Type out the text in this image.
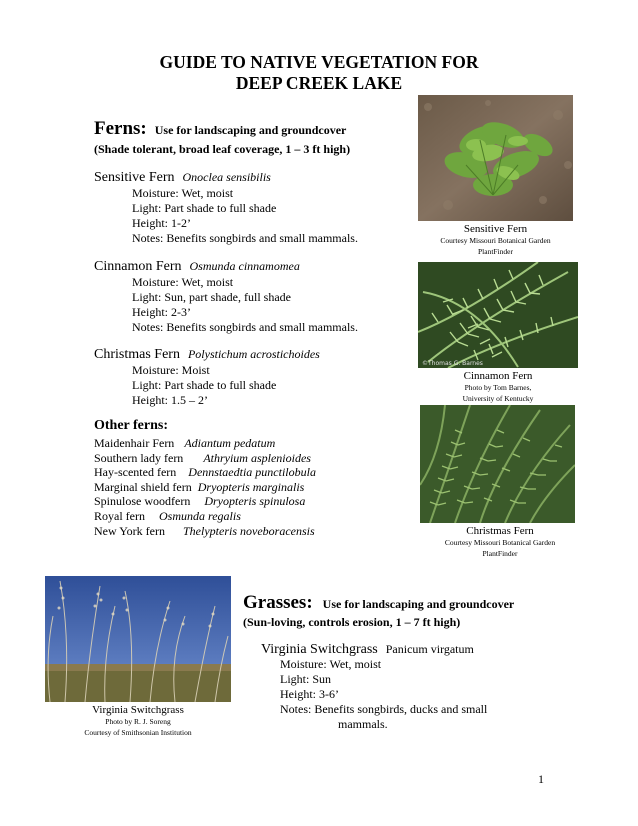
GUIDE TO NATIVE VEGETATION FOR
DEEP CREEK LAKE
Ferns: Use for landscaping and groundcover
(Shade tolerant, broad leaf coverage, 1 – 3 ft high)
Sensitive Fern Onoclea sensibilis
Moisture: Wet, moist
Light: Part shade to full shade
Height: 1-2’
Notes: Benefits songbirds and small mammals.
Cinnamon Fern Osmunda cinnamomea
Moisture: Wet, moist
Light: Sun, part shade, full shade
Height: 2-3’
Notes: Benefits songbirds and small mammals.
Christmas Fern Polystichum acrostichoides
Moisture: Moist
Light: Part shade to full shade
Height: 1.5 – 2’
Other ferns:
Maidenhair Fern Adiantum pedatum
Southern lady fern Athryium asplenioides
Hay-scented fern Dennstaedtia punctilobula
Marginal shield fern Dryopteris marginalis
Spinulose woodfern Dryopteris spinulosa
Royal fern Osmunda regalis
New York fern Thelypteris noveboracensis
Sensitive Fern
Courtesy Missouri Botanical Garden
PlantFinder
©Thomas G. Barnes
Cinnamon Fern
Photo by Tom Barnes,
University of Kentucky
Christmas Fern
Courtesy Missouri Botanical Garden
PlantFinder
Virginia Switchgrass
Photo by R. J. Soreng
Courtesy of Smithsonian Institution
Grasses: Use for landscaping and groundcover
(Sun-loving, controls erosion, 1 – 7 ft high)
Virginia Switchgrass Panicum virgatum
Moisture: Wet, moist
Light: Sun
Height: 3-6’
Notes: Benefits songbirds, ducks and small
mammals.
1
